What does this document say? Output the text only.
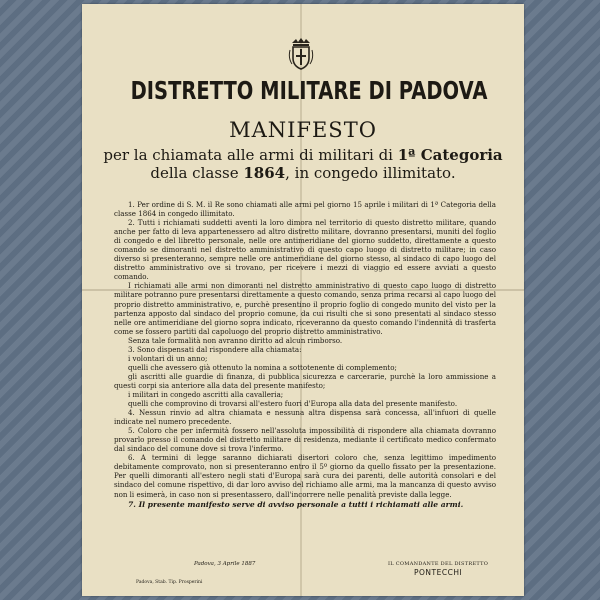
DISTRETTO MILITARE DI PADOVA
MANIFESTO
per la chiamata alle armi di militari di 1ª Categoria
della classe 1864, in congedo illimitato.

1. Per ordine di S. M. il Re sono chiamati alle armi pel giorno 15 aprile i militari di 1ª Categoria della classe 1864 in congedo illimitato.

2. Tutti i richiamati suddetti aventi la loro dimora nel territorio di questo distretto militare, quando anche per fatto di leva appartenessero ad altro distretto militare, dovranno presentarsi, muniti del foglio di congedo e del libretto personale, nelle ore antimeridiane del giorno suddetto, direttamente a questo comando se dimoranti nel distretto amministrativo di questo capo luogo di distretto militare; in caso diverso si presenteranno, sempre nelle ore antimeridiane del giorno stesso, al sindaco di capo luogo del distretto amministrativo ove si trovano, per ricevere i mezzi di viaggio ed essere avviati a questo comando.

I richiamati alle armi non dimoranti nel distretto amministrativo di questo capo luogo di distretto militare potranno pure presentarsi direttamente a questo comando, senza prima recarsi al capo luogo del proprio distretto amministrativo, e, purchè presentino il proprio foglio di congedo munito del visto per la partenza apposto dal sindaco del proprio comune, da cui risulti che si sono presentati al sindaco stesso nelle ore antimeridiane del giorno sopra indicato, riceveranno da questo comando l'indennità di trasferta come se fossero partiti dal capoluogo del proprio distretto amministrativo.

Senza tale formalità non avranno diritto ad alcun rimborso.

3. Sono dispensati dal rispondere alla chiamata:

i volontari di un anno;

quelli che avessero già ottenuto la nomina a sottotenente di complemento;

gli ascritti alle guardie di finanza, di pubblica sicurezza e carcerarie, purchè la loro ammissione a questi corpi sia anteriore alla data del presente manifesto;

i militari in congedo ascritti alla cavalleria;

quelli che comprovino di trovarsi all'estero fuori d'Europa alla data del presente manifesto.

4. Nessun rinvio ad altra chiamata e nessuna altra dispensa sarà concessa, all'infuori di quelle indicate nel numero precedente.

5. Coloro che per infermità fossero nell'assoluta impossibilità di rispondere alla chiamata dovranno provarlo presso il comando del distretto militare di residenza, mediante il certificato medico confermato dal sindaco del comune dove si trova l'infermo.

6. A termini di legge saranno dichiarati disertori coloro che, senza legittimo impedimento debitamente comprovato, non si presenteranno entro il 5º giorno da quello fissato per la presentazione. Per quelli dimoranti all'estero negli stati d'Europa sarà cura dei parenti, delle autorità consolari e del sindaco del comune rispettivo, di dar loro avviso del richiamo alle armi, ma la mancanza di questo avviso non li esimerà, in caso non si presentassero, dall'incorrere nelle penalità previste dalla legge.

7. Il presente manifesto serve di avviso personale a tutti i richiamati alle armi.

Padova, 3 Aprile 1887	IL COMANDANTE DEL DISTRETTO
PONTECCHI
Padova, Stab. Tip. Prosperini
